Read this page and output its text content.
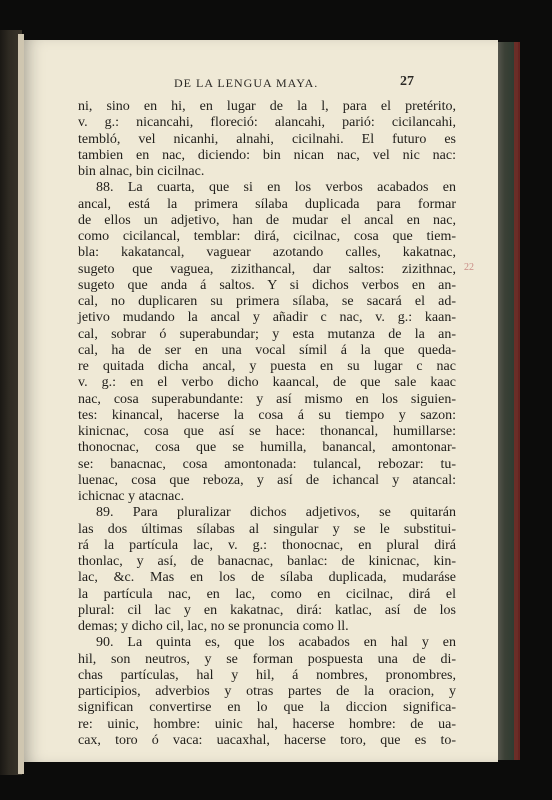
DE LA LENGUA MAYA.	27
22
ni, sino en hi, en lugar de la l, para el pretérito,
v. g.: nicancahi, floreció: alancahi, parió: cicilancahi,
tembló, vel nicanhi, alnahi, cicilnahi. El futuro es
tambien en nac, diciendo: bin nican nac, vel nic nac:
bin alnac, bin cicilnac.
88. La cuarta, que si en los verbos acabados en
ancal, está la primera sílaba duplicada para formar
de ellos un adjetivo, han de mudar el ancal en nac,
como cicilancal, temblar: dirá, cicilnac, cosa que tiem-
bla: kakatancal, vaguear azotando calles, kakatnac,
sugeto que vaguea, zizithancal, dar saltos: zizithnac,
sugeto que anda á saltos. Y si dichos verbos en an-
cal, no duplicaren su primera sílaba, se sacará el ad-
jetivo mudando la ancal y añadir c nac, v. g.: kaan-
cal, sobrar ó superabundar; y esta mutanza de la an-
cal, ha de ser en una vocal símil á la que queda-
re quitada dicha ancal, y puesta en su lugar c nac
v. g.: en el verbo dicho kaancal, de que sale kaac
nac, cosa superabundante: y así mismo en los siguien-
tes: kinancal, hacerse la cosa á su tiempo y sazon:
kinicnac, cosa que así se hace: thonancal, humillarse:
thonocnac, cosa que se humilla, banancal, amontonar-
se: banacnac, cosa amontonada: tulancal, rebozar: tu-
luenac, cosa que reboza, y así de ichancal y atancal:
ichicnac y atacnac.
89. Para pluralizar dichos adjetivos, se quitarán
las dos últimas sílabas al singular y se le substitui-
rá la partícula lac, v. g.: thonocnac, en plural dirá
thonlac, y así, de banacnac, banlac: de kinicnac, kin-
lac, &c. Mas en los de sílaba duplicada, mudaráse
la partícula nac, en lac, como en cicilnac, dirá el
plural: cil lac y en kakatnac, dirá: katlac, así de los
demas; y dicho cil, lac, no se pronuncia como ll.
90. La quinta es, que los acabados en hal y en
hil, son neutros, y se forman pospuesta una de di-
chas partículas, hal y hil, á nombres, pronombres,
participios, adverbios y otras partes de la oracion, y
significan convertirse en lo que la diccion significa-
re: uinic, hombre: uinic hal, hacerse hombre: de ua-
cax, toro ó vaca: uacaxhal, hacerse toro, que es to-
